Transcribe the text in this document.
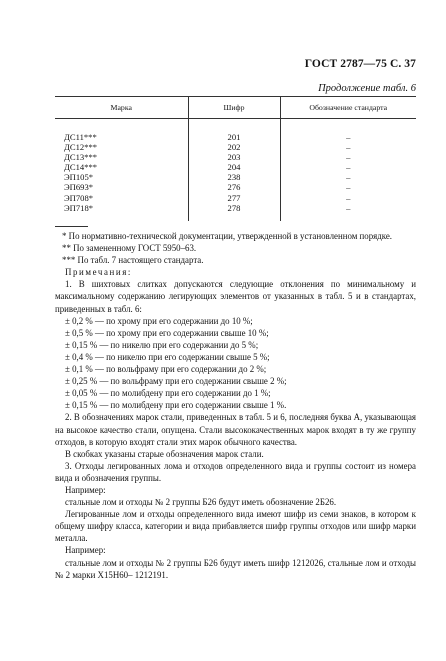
ГОСТ 2787—75 С. 37
Продолжение табл. 6
Марка	Шифр	Обозначение стандарта

ДС11***	201	–
ДС12***	202	–
ДС13***	203	–
ДС14***	204	–
ЭП105*	238	–
ЭП693*	276	–
ЭП708*	277	–
ЭП718*	278	–

* По нормативно-технической документации, утвержденной в установленном порядке.

** По замененному ГОСТ 5950–63.

*** По табл. 7 настоящего стандарта.

Примечания:

1. В шихтовых слитках допускаются следующие отклонения по минимальному и максимальному содержанию легирующих элементов от указанных в табл. 5 и в стандартах, приведенных в табл. 6:

± 0,2 % — по хрому при его содержании до 10 %;

± 0,5 % — по хрому при его содержании свыше 10 %;

± 0,15 % — по никелю при его содержании до 5 %;

± 0,4 % — по никелю при его содержании свыше 5 %;

± 0,1 % — по вольфраму при его содержании до 2 %;

± 0,25 % — по вольфраму при его содержании свыше 2 %;

± 0,05 % — по молибдену при его содержании до 1 %;

± 0,15 % — по молибдену при его содержании свыше 1 %.

2. В обозначениях марок стали, приведенных в табл. 5 и 6, последняя буква А, указывающая на высокое качество стали, опущена. Стали высококачественных марок входят в ту же группу отходов, в которую входят стали этих марок обычного качества.

В скобках указаны старые обозначения марок стали.

3. Отходы легированных лома и отходов определенного вида и группы состоит из номера вида и обозначения группы.

Например:

стальные лом и отходы № 2 группы Б26 будут иметь обозначение 2Б26.

Легированные лом и отходы определенного вида имеют шифр из семи знаков, в котором к общему шифру класса, категории и вида прибавляется шифр группы отходов или шифр марки металла.

Например:

стальные лом и отходы № 2 группы Б26 будут иметь шифр 1212026, стальные лом и отходы № 2 марки Х15Н60– 1212191.
